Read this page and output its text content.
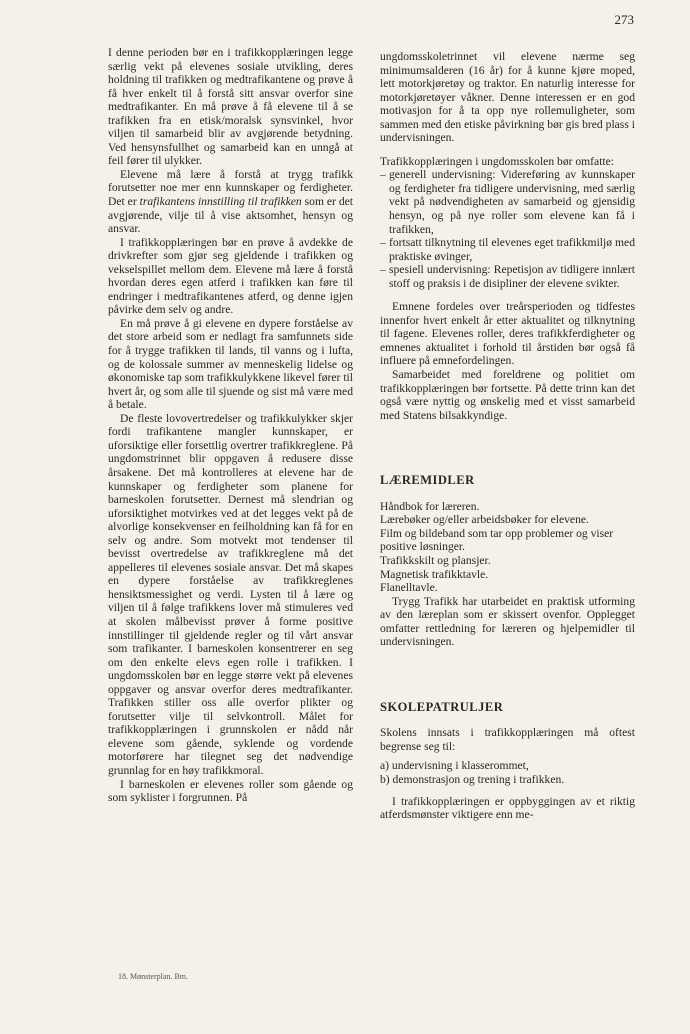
273

I denne perioden bør en i trafikkopplæringen legge særlig vekt på elevenes sosiale utvikling, deres holdning til trafikken og medtrafikantene og prøve å få hver enkelt til å forstå sitt ansvar overfor sine medtrafikanter. En må prøve å få elevene til å se trafikken fra en etisk/moralsk synsvinkel, hvor viljen til samarbeid blir av avgjørende betydning. Ved hensynsfullhet og samarbeid kan en unngå at feil fører til ulykker.

Elevene må lære å forstå at trygg trafikk forutsetter noe mer enn kunnskaper og ferdigheter. Det er trafikantens innstilling til trafikken som er det avgjørende, vilje til å vise aktsomhet, hensyn og ansvar.

I trafikkopplæringen bør en prøve å avdekke de drivkrefter som gjør seg gjeldende i trafikken og vekselspillet mellom dem. Elevene må lære å forstå hvordan deres egen atferd i trafikken kan føre til endringer i medtrafikantenes atferd, og denne igjen påvirke dem selv og andre.

En må prøve å gi elevene en dypere forståelse av det store arbeid som er nedlagt fra samfunnets side for å trygge trafikken til lands, til vanns og i lufta, og de kolossale summer av menneskelig lidelse og økonomiske tap som trafikkulykkene likevel fører til hvert år, og som alle til sjuende og sist må være med å betale.

De fleste lovovertredelser og trafikkulykker skjer fordi trafikantene mangler kunnskaper, er uforsiktige eller forsettlig overtrer trafikkreglene. På ungdomstrinnet blir oppgaven å redusere disse årsakene. Det må kontrolleres at elevene har de kunnskaper og ferdigheter som planene for barneskolen forutsetter. Dernest må slendrian og uforsiktighet motvirkes ved at det legges vekt på de alvorlige konsekvenser en feilholdning kan få for en selv og andre. Som motvekt mot tendenser til bevisst overtredelse av trafikkreglene må det appelleres til elevenes sosiale ansvar. Det må skapes en dypere forståelse av trafikkreglenes hensiktsmessighet og verdi. Lysten til å lære og viljen til å følge trafikkens lover må stimuleres ved at skolen målbevisst prøver å forme positive innstillinger til gjeldende regler og til vårt ansvar som trafikanter. I barneskolen konsentrerer en seg om den enkelte elevs egen rolle i trafikken. I ungdomsskolen bør en legge større vekt på elevenes oppgaver og ansvar overfor deres medtrafikanter. Trafikken stiller oss alle overfor plikter og forutsetter vilje til selvkontroll. Målet for trafikkopplæringen i grunnskolen er nådd når elevene som gående, syklende og vordende motorførere har tilegnet seg det nødvendige grunnlag for en høy trafikkmoral.

I barneskolen er elevenes roller som gående og som syklister i forgrunnen. På

ungdomsskoletrinnet vil elevene nærme seg minimumsalderen (16 år) for å kunne kjøre moped, lett motorkjøretøy og traktor. En naturlig interesse for motorkjøretøyer våkner. Denne interessen er en god motivasjon for å ta opp nye rollemuligheter, som sammen med den etiske påvirkning bør gis bred plass i undervisningen.

Trafikkopplæringen i ungdomsskolen bør omfatte:

– generell undervisning: Videreføring av kunnskaper og ferdigheter fra tidligere undervisning, med særlig vekt på nødvendigheten av samarbeid og gjensidig hensyn, og på nye roller som elevene kan få i trafikken,
– fortsatt tilknytning til elevenes eget trafikkmiljø med praktiske øvinger,
– spesiell undervisning: Repetisjon av tidligere innlært stoff og praksis i de disipliner der elevene svikter.

Emnene fordeles over treårsperioden og tidfestes innenfor hvert enkelt år etter aktualitet og tilknytning til fagene. Elevenes roller, deres trafikkferdigheter og emnenes aktualitet i forhold til årstiden bør også få influere på emnefordelingen.

Samarbeidet med foreldrene og politiet om trafikkopplæringen bør fortsette. På dette trinn kan det også være nyttig og ønskelig med et visst samarbeid med Statens bilsakkyndige.

LÆREMIDLER
Håndbok for læreren.
Lærebøker og/eller arbeidsbøker for elevene.
Film og bildeband som tar opp problemer og viser positive løsninger.
Trafikkskilt og plansjer.
Magnetisk trafikktavle.
Flanelltavle.

Trygg Trafikk har utarbeidet en praktisk utforming av den læreplan som er skissert ovenfor. Opplegget omfatter rettledning for læreren og hjelpemidler til undervisningen.

SKOLEPATRULJER

Skolens innsats i trafikkopplæringen må oftest begrense seg til:

a) undervisning i klasserommet,
b) demonstrasjon og trening i trafikken.

I trafikkopplæringen er oppbyggingen av et riktig atferdsmønster viktigere enn me-

18. Mønsterplan. Bm.
